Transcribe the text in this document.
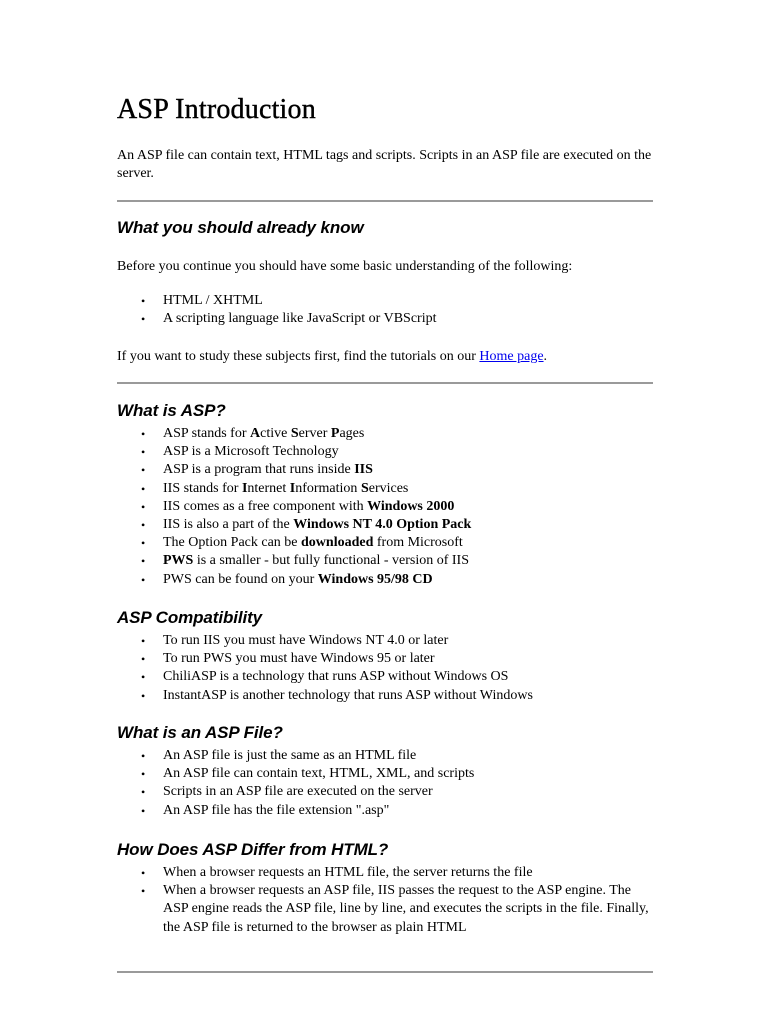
ASP Introduction

An ASP file can contain text, HTML tags and scripts. Scripts in an ASP file are executed on the server.

What you should already know

Before you continue you should have some basic understanding of the following:

• HTML / XHTML
• A scripting language like JavaScript or VBScript

If you want to study these subjects first, find the tutorials on our Home page.

What is ASP?
• ASP stands for Active Server Pages
• ASP is a Microsoft Technology
• ASP is a program that runs inside IIS
• IIS stands for Internet Information Services
• IIS comes as a free component with Windows 2000
• IIS is also a part of the Windows NT 4.0 Option Pack
• The Option Pack can be downloaded from Microsoft
• PWS is a smaller - but fully functional - version of IIS
• PWS can be found on your Windows 95/98 CD
ASP Compatibility
• To run IIS you must have Windows NT 4.0 or later
• To run PWS you must have Windows 95 or later
• ChiliASP is a technology that runs ASP without Windows OS
• InstantASP is another technology that runs ASP without Windows
What is an ASP File?
• An ASP file is just the same as an HTML file
• An ASP file can contain text, HTML, XML, and scripts
• Scripts in an ASP file are executed on the server
• An ASP file has the file extension ".asp"
How Does ASP Differ from HTML?
• When a browser requests an HTML file, the server returns the file
• When a browser requests an ASP file, IIS passes the request to the ASP engine. The ASP engine reads the ASP file, line by line, and executes the scripts in the file. Finally, the ASP file is returned to the browser as plain HTML
